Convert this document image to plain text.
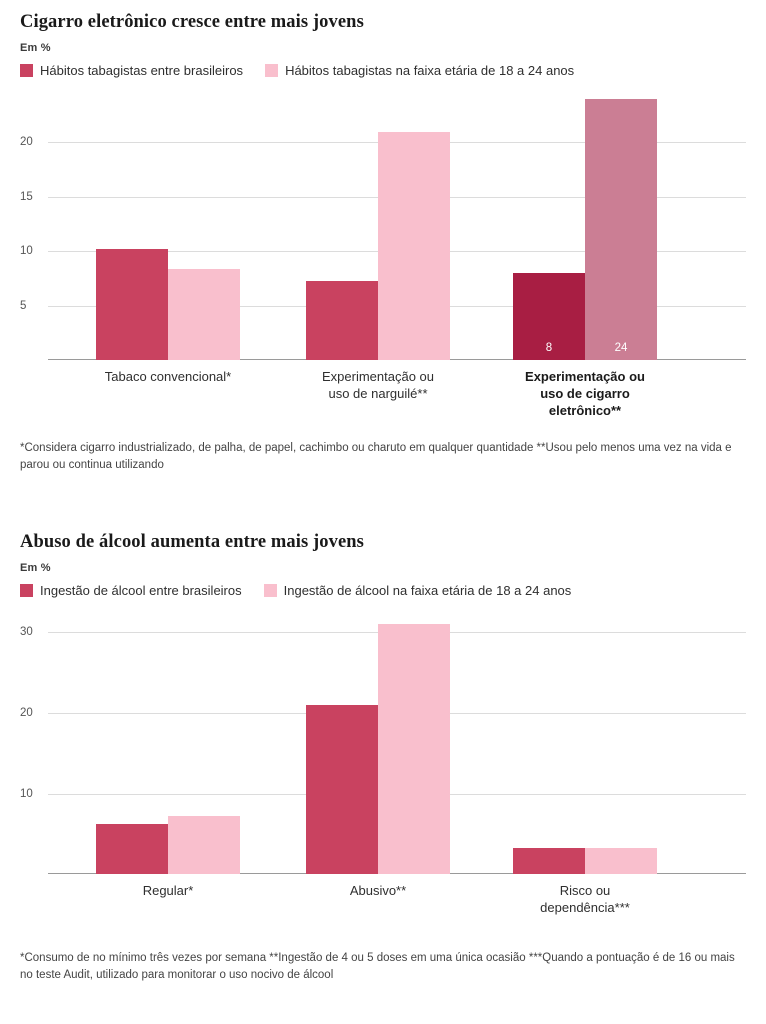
Cigarro eletrônico cresce entre mais jovens
Em %
Hábitos tabagistas entre brasileiros	Hábitos tabagistas na faixa etária de 18 a 24 anos
20
15
10
5
8	24
Tabaco convencional*	Experimentação ou
uso de narguilé**
Experimentação ou
uso de cigarro
eletrônico**
*Considera cigarro industrializado, de palha, de papel, cachimbo ou charuto em qualquer quantidade **Usou pelo menos uma vez na vida e parou ou continua utilizando
Abuso de álcool aumenta entre mais jovens
Em %
Ingestão de álcool entre brasileiros	Ingestão de álcool na faixa etária de 18 a 24 anos
30
20
10
Regular*	Abusivo**	Risco ou
dependência***
*Consumo de no mínimo três vezes por semana **Ingestão de 4 ou 5 doses em uma única ocasião ***Quando a pontuação é de 16 ou mais no teste Audit, utilizado para monitorar o uso nocivo de álcool
